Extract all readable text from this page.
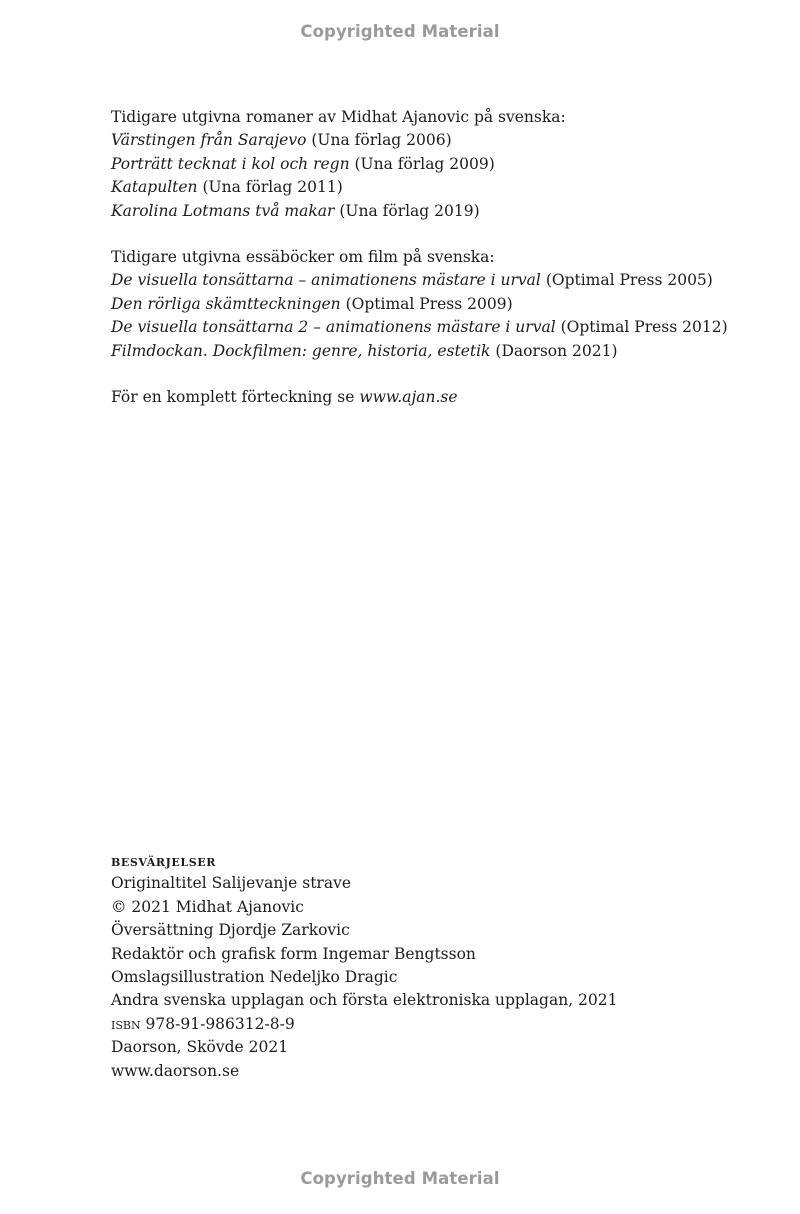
Copyrighted Material
Tidigare utgivna romaner av Midhat Ajanovic på svenska:
Värstingen från Sarajevo (Una förlag 2006)
Porträtt tecknat i kol och regn (Una förlag 2009)
Katapulten (Una förlag 2011)
Karolina Lotmans två makar (Una förlag 2019)
Tidigare utgivna essäböcker om film på svenska:
De visuella tonsättarna – animationens mästare i urval (Optimal Press 2005)
Den rörliga skämtteckningen (Optimal Press 2009)
De visuella tonsättarna 2 – animationens mästare i urval (Optimal Press 2012)
Filmdockan. Dockfilmen: genre, historia, estetik (Daorson 2021)
För en komplett förteckning se www.ajan.se
besvärjelser
Originaltitel Salijevanje strave
© 2021 Midhat Ajanovic
Översättning Djordje Zarkovic
Redaktör och grafisk form Ingemar Bengtsson
Omslagsillustration Nedeljko Dragic
Andra svenska upplagan och första elektroniska upplagan, 2021
isbn 978-91-986312-8-9
Daorson, Skövde 2021
www.daorson.se
Copyrighted Material
